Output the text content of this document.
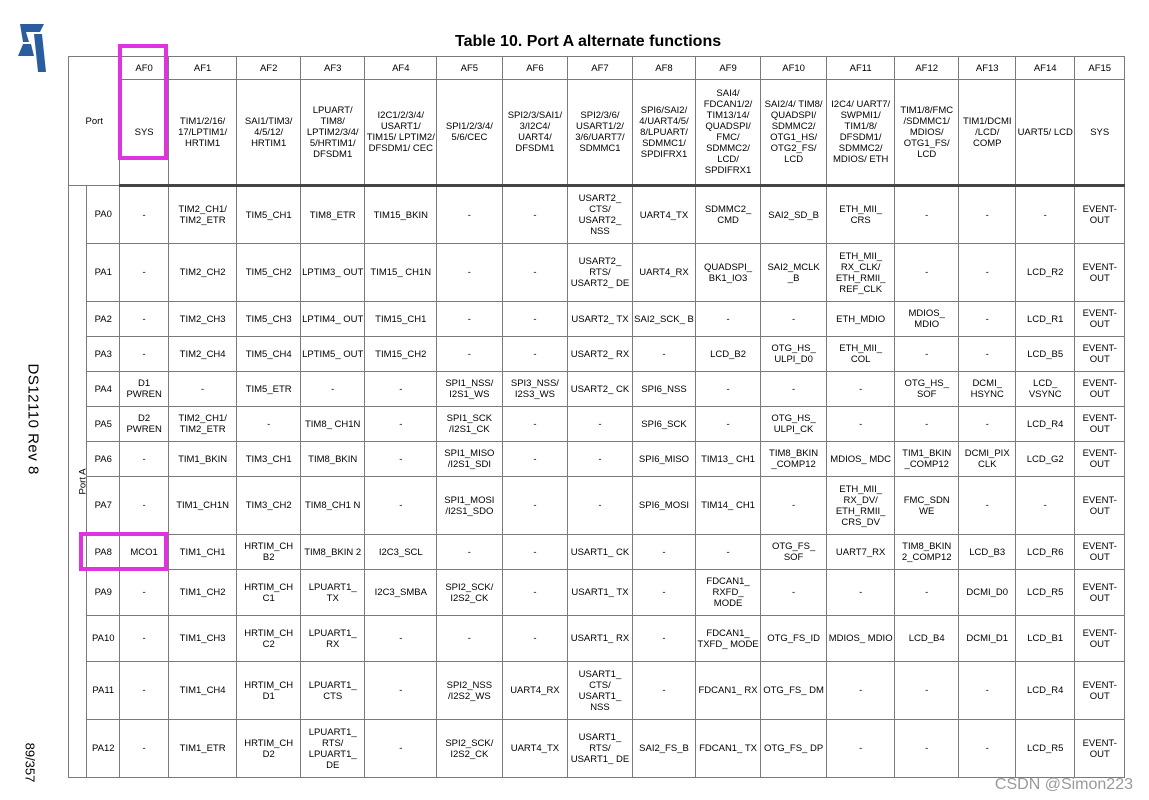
DS12110 Rev 8
89/357
Table 10. Port A alternate functions
Port		AF0	AF1	AF2	AF3	AF4	AF5	AF6	AF7	AF8	AF9	AF10	AF11	AF12	AF13	AF14	AF15
		SYS	TIM1/2/16/ 17/LPTIM1/ HRTIM1	SAI1/TIM3/ 4/5/12/ HRTIM1	LPUART/ TIM8/ LPTIM2/3/4/ 5/HRTIM1/ DFSDM1	I2C1/2/3/4/ USART1/ TIM15/ LPTIM2/ DFSDM1/ CEC	SPI1/2/3/4/ 5/6/CEC	SPI2/3/SAI1/ 3/I2C4/ UART4/ DFSDM1	SPI2/3/6/ USART1/2/ 3/6/UART7/ SDMMC1	SPI6/SAI2/ 4/UART4/5/ 8/LPUART/ SDMMC1/ SPDIFRX1	SAI4/ FDCAN1/2/ TIM13/14/ QUADSPI/ FMC/ SDMMC2/ LCD/ SPDIFRX1	SAI2/4/ TIM8/ QUADSPI/ SDMMC2/ OTG1_HS/ OTG2_FS/ LCD	I2C4/ UART7/ SWPMI1/ TIM1/8/ DFSDM1/ SDMMC2/ MDIOS/ ETH	TIM1/8/FMC /SDMMC1/ MDIOS/ OTG1_FS/ LCD	TIM1/DCMI /LCD/ COMP	UART5/ LCD	SYS
Port A	PA0	-	TIM2_CH1/ TIM2_ETR	TIM5_CH1	TIM8_ETR	TIM15_BKIN	-	-	USART2_ CTS/ USART2_ NSS	UART4_TX	SDMMC2_ CMD	SAI2_SD_B	ETH_MII_ CRS	-	-	-	EVENT- OUT
	PA1	-	TIM2_CH2	TIM5_CH2	LPTIM3_ OUT	TIM15_ CH1N	-	-	USART2_ RTS/ USART2_ DE	UART4_RX	QUADSPI_ BK1_IO3	SAI2_MCLK _B	ETH_MII_ RX_CLK/ ETH_RMII_ REF_CLK	-	-	LCD_R2	EVENT- OUT
	PA2	-	TIM2_CH3	TIM5_CH3	LPTIM4_ OUT	TIM15_CH1	-	-	USART2_ TX	SAI2_SCK_ B	-	-	ETH_MDIO	MDIOS_ MDIO	-	LCD_R1	EVENT- OUT
	PA3	-	TIM2_CH4	TIM5_CH4	LPTIM5_ OUT	TIM15_CH2	-	-	USART2_ RX	-	LCD_B2	OTG_HS_ ULPI_D0	ETH_MII_ COL	-	-	LCD_B5	EVENT- OUT
	PA4	D1 PWREN	-	TIM5_ETR	-	-	SPI1_NSS/ I2S1_WS	SPI3_NSS/ I2S3_WS	USART2_ CK	SPI6_NSS	-	-	-	OTG_HS_ SOF	DCMI_ HSYNC	LCD_ VSYNC	EVENT- OUT
	PA5	D2 PWREN	TIM2_CH1/ TIM2_ETR	-	TIM8_ CH1N	-	SPI1_SCK /I2S1_CK	-	-	SPI6_SCK	-	OTG_HS_ ULPI_CK	-	-	-	LCD_R4	EVENT- OUT
	PA6	-	TIM1_BKIN	TIM3_CH1	TIM8_BKIN	-	SPI1_MISO /I2S1_SDI	-	-	SPI6_MISO	TIM13_ CH1	TIM8_BKIN _COMP12	MDIOS_ MDC	TIM1_BKIN _COMP12	DCMI_PIX CLK	LCD_G2	EVENT- OUT
	PA7	-	TIM1_CH1N	TIM3_CH2	TIM8_CH1 N	-	SPI1_MOSI /I2S1_SDO	-	-	SPI6_MOSI	TIM14_ CH1	-	ETH_MII_ RX_DV/ ETH_RMII_ CRS_DV	FMC_SDN WE	-	-	EVENT- OUT
	PA8	MCO1	TIM1_CH1	HRTIM_CH B2	TIM8_BKIN 2	I2C3_SCL	-	-	USART1_ CK	-	-	OTG_FS_ SOF	UART7_RX	TIM8_BKIN 2_COMP12	LCD_B3	LCD_R6	EVENT- OUT
	PA9	-	TIM1_CH2	HRTIM_CH C1	LPUART1_ TX	I2C3_SMBA	SPI2_SCK/ I2S2_CK	-	USART1_ TX	-	FDCAN1_ RXFD_ MODE	-	-	-	DCMI_D0	LCD_R5	EVENT- OUT
	PA10	-	TIM1_CH3	HRTIM_CH C2	LPUART1_ RX	-	-	-	USART1_ RX	-	FDCAN1_ TXFD_ MODE	OTG_FS_ID	MDIOS_ MDIO	LCD_B4	DCMI_D1	LCD_B1	EVENT- OUT
	PA11	-	TIM1_CH4	HRTIM_CH D1	LPUART1_ CTS	-	SPI2_NSS /I2S2_WS	UART4_RX	USART1_ CTS/ USART1_ NSS	-	FDCAN1_ RX	OTG_FS_ DM	-	-	-	LCD_R4	EVENT- OUT
	PA12	-	TIM1_ETR	HRTIM_CH D2	LPUART1_ RTS/ LPUART1_ DE	-	SPI2_SCK/ I2S2_CK	UART4_TX	USART1_ RTS/ USART1_ DE	SAI2_FS_B	FDCAN1_ TX	OTG_FS_ DP	-	-	-	LCD_R5	EVENT- OUT
CSDN @Simon223
